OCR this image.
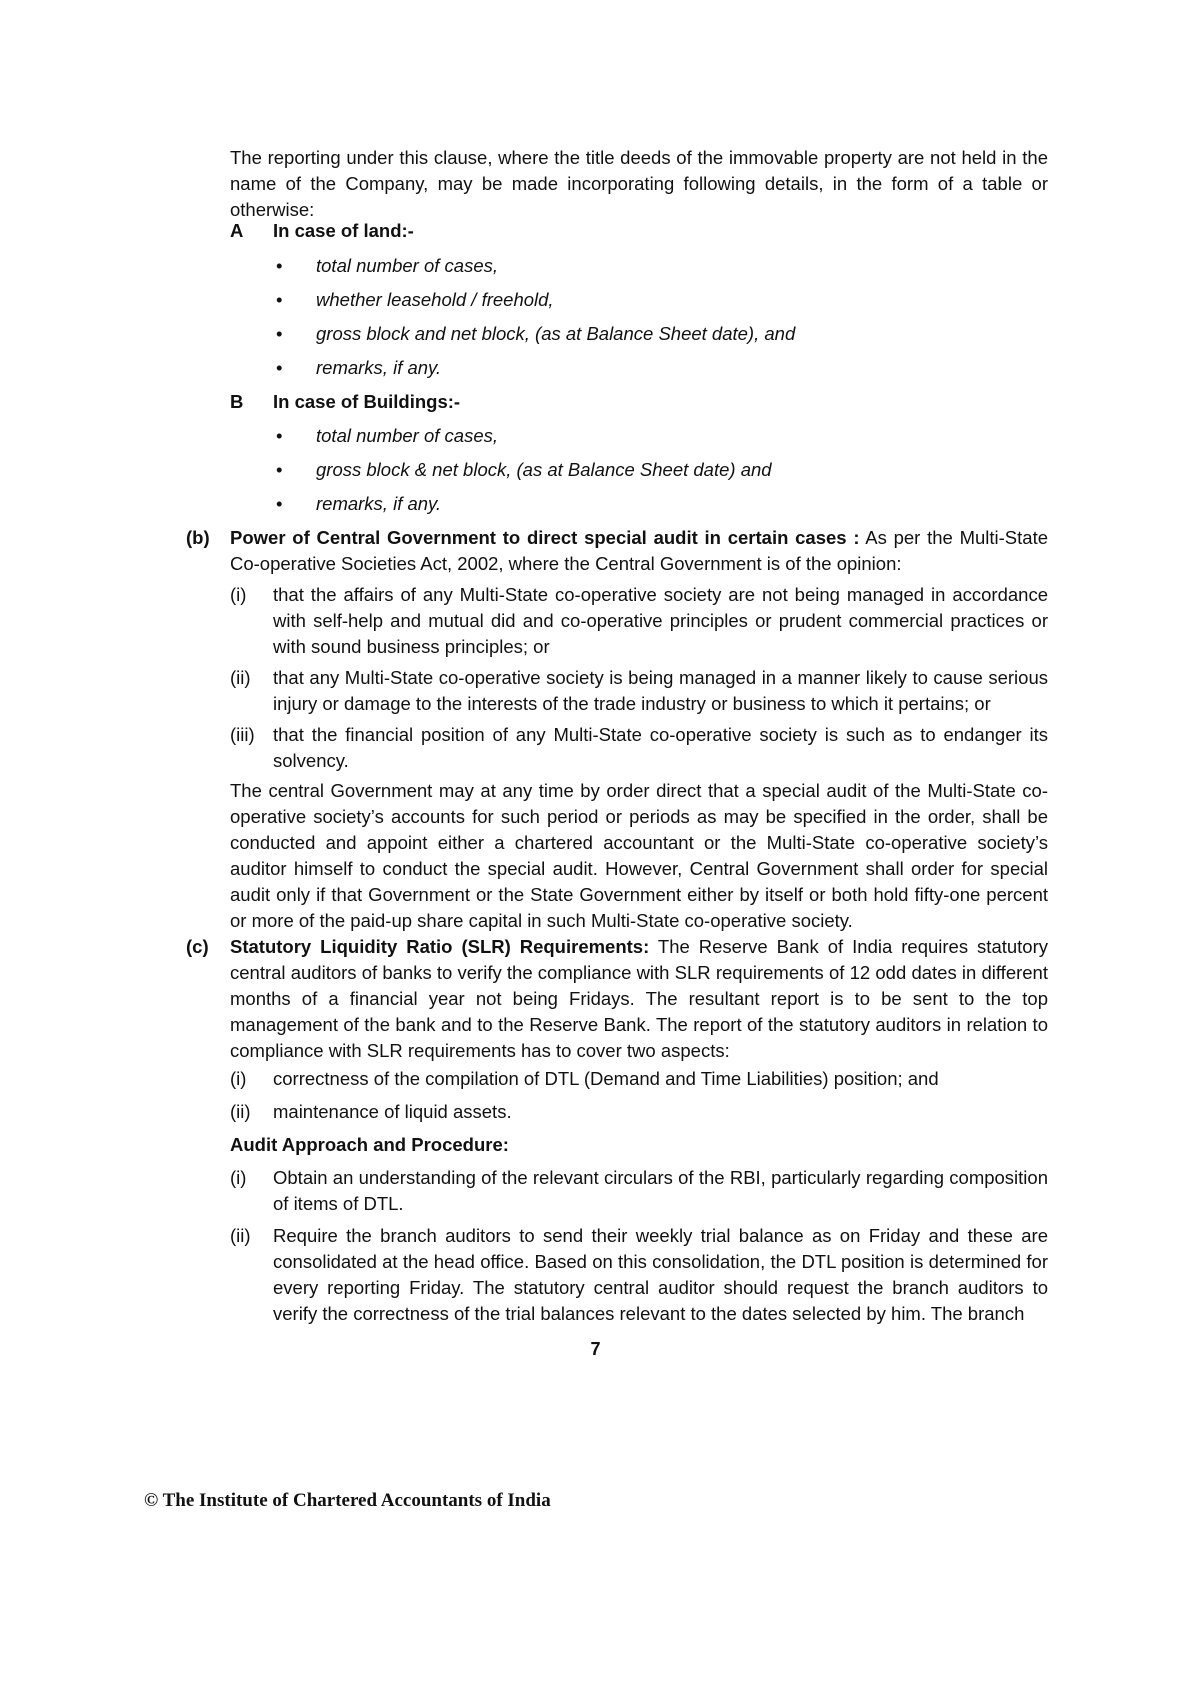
The reporting under this clause, where the title deeds of the immovable property are not held in the name of the Company, may be made incorporating following details, in the form of a table or otherwise:

A In case of land:-
• total number of cases,
• whether leasehold / freehold,
• gross block and net block, (as at Balance Sheet date), and
• remarks, if any.
B In case of Buildings:-
• total number of cases,
• gross block & net block, (as at Balance Sheet date) and
• remarks, if any.
(b) Power of Central Government to direct special audit in certain cases : As per the Multi-State Co-operative Societies Act, 2002, where the Central Government is of the opinion:

(i) that the affairs of any Multi-State co-operative society are not being managed in accordance with self-help and mutual did and co-operative principles or prudent commercial practices or with sound business principles; or
(ii) that any Multi-State co-operative society is being managed in a manner likely to cause serious injury or damage to the interests of the trade industry or business to which it pertains; or
(iii) that the financial position of any Multi-State co-operative society is such as to endanger its solvency.

The central Government may at any time by order direct that a special audit of the Multi-State co-operative society’s accounts for such period or periods as may be specified in the order, shall be conducted and appoint either a chartered accountant or the Multi-State co-operative society’s auditor himself to conduct the special audit. However, Central Government shall order for special audit only if that Government or the State Government either by itself or both hold fifty-one percent or more of the paid-up share capital in such Multi-State co-operative society.

(c) Statutory Liquidity Ratio (SLR) Requirements: The Reserve Bank of India requires statutory central auditors of banks to verify the compliance with SLR requirements of 12 odd dates in different months of a financial year not being Fridays. The resultant report is to be sent to the top management of the bank and to the Reserve Bank. The report of the statutory auditors in relation to compliance with SLR requirements has to cover two aspects:

(i) correctness of the compilation of DTL (Demand and Time Liabilities) position; and
(ii) maintenance of liquid assets.
Audit Approach and Procedure:
(i) Obtain an understanding of the relevant circulars of the RBI, particularly regarding composition of items of DTL.
(ii) Require the branch auditors to send their weekly trial balance as on Friday and these are consolidated at the head office. Based on this consolidation, the DTL position is determined for every reporting Friday. The statutory central auditor should request the branch auditors to verify the correctness of the trial balances relevant to the dates selected by him. The branch
7
© The Institute of Chartered Accountants of India
